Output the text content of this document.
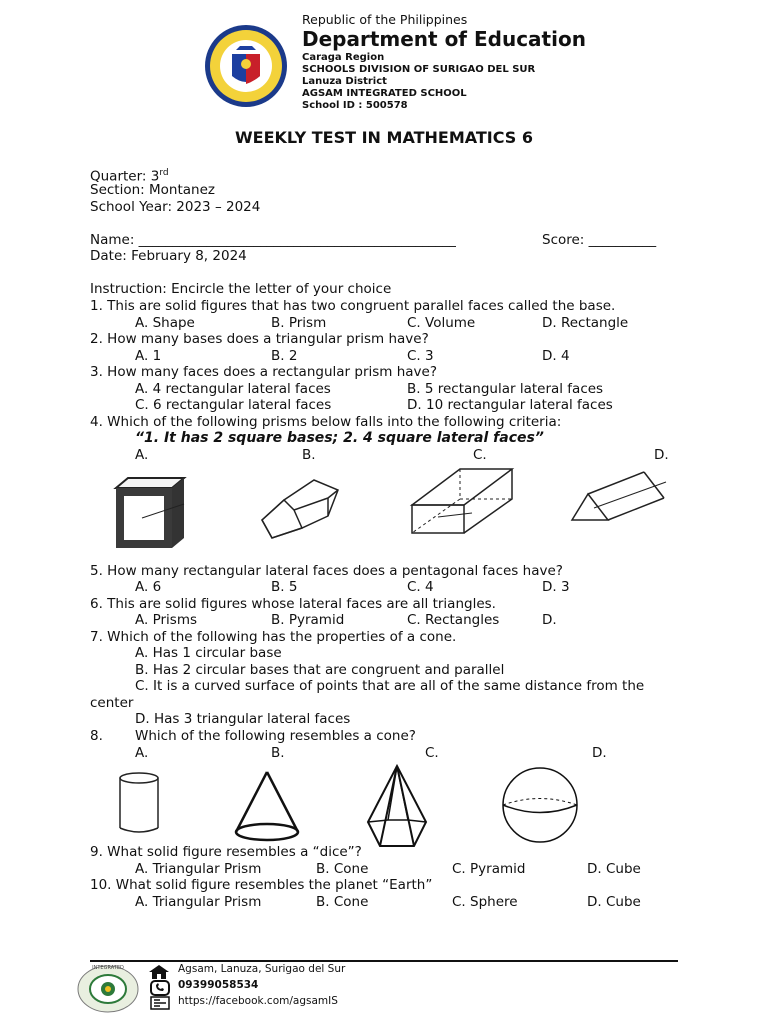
Republic of the Philippines
Department of Education
Caraga Region
SCHOOLS DIVISION OF SURIGAO DEL SUR
Lanuza District
AGSAM INTEGRATED SCHOOL
School ID : 500578
WEEKLY TEST IN MATHEMATICS 6
Quarter: 3rd
Section: Montanez
School Year: 2023 – 2024
Name: _______________________________________________	Score: __________
Date: February 8, 2024
Instruction: Encircle the letter of your choice
1. This are solid figures that has two congruent parallel faces called the base.
A. Shape	B. Prism	C. Volume	D. Rectangle
2. How many bases does a triangular prism have?
A. 1	B. 2	C. 3	D. 4
3. How many faces does a rectangular prism have?
A. 4 rectangular lateral faces	B. 5 rectangular lateral faces
C. 6 rectangular lateral faces	D. 10 rectangular lateral faces
4. Which of the following prisms below falls into the following criteria:
“1. It has 2 square bases; 2. 4 square lateral faces”
A.	B.	C.	D.
5. How many rectangular lateral faces does a pentagonal faces have?
A. 6	B. 5	C. 4	D. 3
6. This are solid figures whose lateral faces are all triangles.
A. Prisms	B. Pyramid	C. Rectangles	D.
7. Which of the following has the properties of a cone.
A. Has 1 circular base
B. Has 2 circular bases that are congruent and parallel
C. It is a curved surface of points that are all of the same distance from the
center
D. Has 3 triangular lateral faces
8. Which of the following resembles a cone?
A.	B.	C.	D.
9. What solid figure resembles a “dice”?
A. Triangular Prism	B. Cone	C. Pyramid	D. Cube
10. What solid figure resembles the planet “Earth”
A. Triangular Prism	B. Cone	C. Sphere	D. Cube
INTEGRATED	Agsam, Lanuza, Surigao del Sur
09399058534
https://facebook.com/agsamIS
